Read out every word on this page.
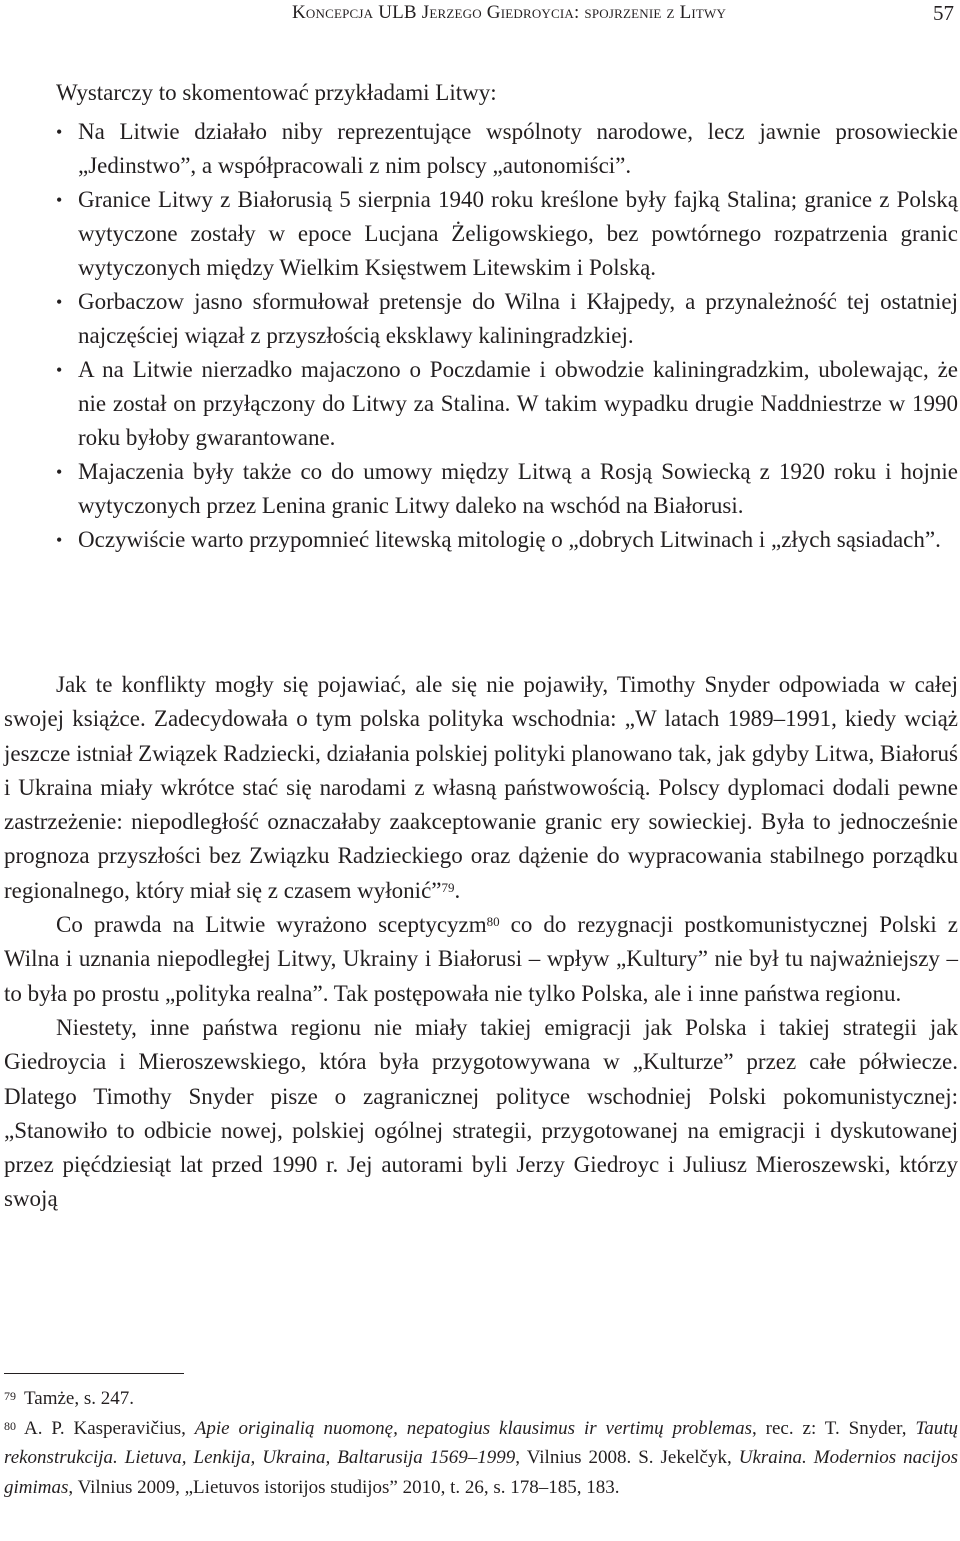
Koncepcja ULB Jerzego Giedroycia: spojrzenie z Litwy	57
Wystarczy to skomentować przykładami Litwy:
• Na Litwie działało niby reprezentujące wspólnoty narodowe, lecz jawnie prosowieckie „Jedinstwo”, a współpracowali z nim polscy „autonomiści”.
• Granice Litwy z Białorusią 5 sierpnia 1940 roku kreślone były fajką Stalina; granice z Polską wytyczone zostały w epoce Lucjana Żeligowskiego, bez powtórnego rozpatrzenia granic wytyczonych między Wielkim Księstwem Litewskim i Polską.
• Gorbaczow jasno sformułował pretensje do Wilna i Kłajpedy, a przynależność tej ostatniej najczęściej wiązał z przyszłością eksklawy kaliningradzkiej.
• A na Litwie nierzadko majaczono o Poczdamie i obwodzie kaliningradzkim, ubolewając, że nie został on przyłączony do Litwy za Stalina. W takim wypadku drugie Naddniestrze w 1990 roku byłoby gwarantowane.
• Majaczenia były także co do umowy między Litwą a Rosją Sowiecką z 1920 roku i hojnie wytyczonych przez Lenina granic Litwy daleko na wschód na Białorusi.
• Oczywiście warto przypomnieć litewską mitologię o „dobrych Litwinach i „złych sąsiadach”.

Jak te konflikty mogły się pojawiać, ale się nie pojawiły, Timothy Snyder odpowiada w całej swojej książce. Zadecydowała o tym polska polityka wschodnia: „W latach 1989–1991, kiedy wciąż jeszcze istniał Związek Radziecki, działania polskiej polityki planowano tak, jak gdyby Litwa, Białoruś i Ukraina miały wkrótce stać się narodami z własną państwowością. Polscy dyplomaci dodali pewne zastrzeżenie: niepodległość oznaczałaby zaakceptowanie granic ery sowieckiej. Była to jednocześnie prognoza przyszłości bez Związku Radzieckiego oraz dążenie do wypracowania stabilnego porządku regionalnego, który miał się z czasem wyłonić”$^{79}$.

Co prawda na Litwie wyrażono sceptycyzm$^{80}$ co do rezygnacji postkomunistycznej Polski z Wilna i uznania niepodległej Litwy, Ukrainy i Białorusi – wpływ „Kultury” nie był tu najważniejszy – to była po prostu „polityka realna”. Tak postępowała nie tylko Polska, ale i inne państwa regionu.

Niestety, inne państwa regionu nie miały takiej emigracji jak Polska i takiej strategii jak Giedroycia i Mieroszewskiego, która była przygotowywana w „Kulturze” przez całe półwiecze. Dlatego Timothy Snyder pisze o zagranicznej polityce wschodniej Polski pokomunistycznej: „Stanowiło to odbicie nowej, polskiej ogólnej strategii, przygotowanej na emigracji i dyskutowanej przez pięćdziesiąt lat przed 1990 r. Jej autorami byli Jerzy Giedroyc i Juliusz Mieroszewski, którzy swoją

$^{79}$ Tamże, s. 247.

$^{80}$ A. P. Kasperavičius, Apie originalią nuomonę, nepatogius klausimus ir vertimų problemas, rec. z: T. Snyder, Tautų rekonstrukcija. Lietuva, Lenkija, Ukraina, Baltarusija 1569–1999, Vilnius 2008. S. Jekelčyk, Ukraina. Modernios nacijos gimimas, Vilnius 2009, „Lietuvos istorijos studijos” 2010, t. 26, s. 178–185, 183.
